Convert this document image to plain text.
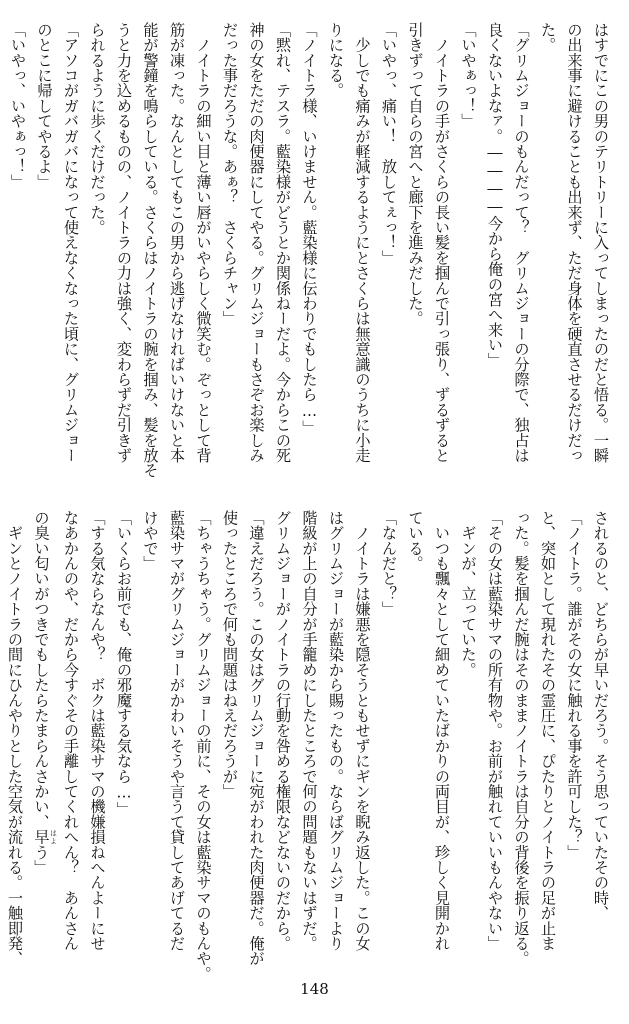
はすでにこの男のテリトリーに入ってしまったのだと悟る。一瞬
の出来事に避けることも出来ず、ただ身体を硬直させるだけだっ
た。
「グリムジョーのもんだって？　グリムジョーの分際で、独占は
良くないよなァ。――――今から俺の宮へ来い」
「いやぁっ！」
　ノイトラの手がさくらの長い髪を掴んで引っ張り、ずるずると
引きずって自らの宮へと廊下を進みだした。
「いやっ、痛い！　放してぇっ！」
　少しでも痛みが軽減するようにとさくらは無意識のうちに小走
りになる。
「ノイトラ様、いけません。藍染様に伝わりでもしたら…」
「黙れ、テスラ。藍染様がどうとか関係ねーだよ。今からこの死
神の女をただの肉便器にしてやる。グリムジョーもさぞお楽しみ
だった事だろうな。あぁ？　さくらチャン」
　ノイトラの細い目と薄い唇がいやらしく微笑む。ぞっとして背
筋が凍った。なんとしてもこの男から逃げなければいけないと本
能が警鐘を鳴らしている。さくらはノイトラの腕を掴み、髪を放そ
うと力を込めるものの、ノイトラの力は強く、変わらずだ引きず
られるように歩くだけだった。
「アソコがガバガバになって使えなくなった頃に、グリムジョー
のとこに帰してやるよ」
「いやっ、いやぁっ！」
されるのと、どちらが早いだろう。そう思っていたその時、
「ノイトラ。誰がその女に触れる事を許可した？」
と、突如として現れたその霊圧に、ぴたりとノイトラの足が止ま
った。髪を掴んだ腕はそのままノイトラは自分の背後を振り返る。
「その女は藍染サマの所有物や。お前が触れていいもんやない」
　ギンが、立っていた。
　いつも飄々として細めていたばかりの両目が、珍しく見開かれ
ている。
「なんだと？」
　ノイトラは嫌悪を隠そうともせずにギンを睨み返した。この女
はグリムジョーが藍染から賜ったもの。ならばグリムジョーより
階級が上の自分が手籠めにしたところで何の問題もないはずだ。
グリムジョーがノイトラの行動を咎める権限などないのだから。
「違えだろう。この女はグリムジョーに宛がわれた肉便器だ。俺が
使ったところで何も問題はねえだろうが」
「ちゃうちゃう。グリムジョーの前に、その女は藍染サマのもんや。
藍染サマがグリムジョーがかわいそうや言うて貸してあげてるだ
けやで」
「いくらお前でも、俺の邪魔する気なら…」
「する気ならなんや？　ボクは藍染サマの機嫌損ねへんよーにせ
なあかんのや、だから今すぐその手離してくれへん？　あんさん
の臭い匂いがつきでもしたらたまらんさかい、早 はよう」
　ギンとノイトラの間にひんやりとした空気が流れる。一触即発、
148
